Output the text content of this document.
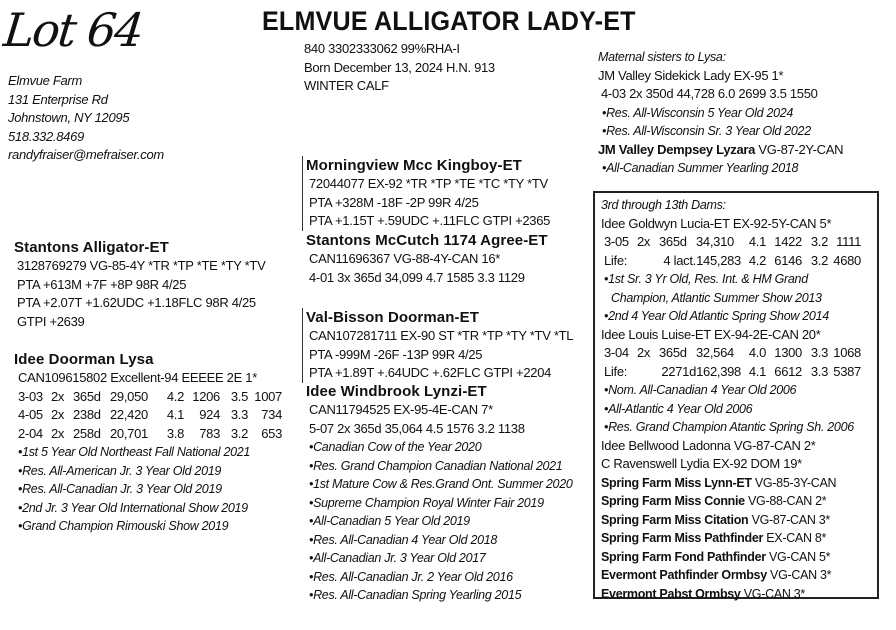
Lot 64	ELMVUE ALLIGATOR LADY-ET
Elmvue Farm
131 Enterprise Rd
Johnstown, NY 12095
518.332.8469
randyfraiser@mefraiser.com
840 3302333062 99%RHA-I
Born December 13, 2024 H.N. 913
WINTER CALF
Maternal sisters to Lysa:
JM Valley Sidekick Lady EX-95 1*
4-03 2x 350d 44,728 6.0 2699 3.5 1550
•Res. All-Wisconsin 5 Year Old 2024
•Res. All-Wisconsin Sr. 3 Year Old 2022
JM Valley Dempsey Lyzara VG-87-2Y-CAN
•All-Canadian Summer Yearling 2018
Morningview Mcc Kingboy-ET
72044077 EX-92 *TR *TP *TE *TC *TY *TV
PTA +328M -18F -2P 99R 4/25
PTA +1.15T +.59UDC +.11FLC GTPI +2365
Stantons McCutch 1174 Agree-ET
CAN11696367 VG-88-4Y-CAN 16*
4-01 3x 365d 34,099 4.7 1585 3.3 1129
Stantons Alligator-ET
3128769279 VG-85-4Y *TR *TP *TE *TY *TV
PTA +613M +7F +8P 98R 4/25
PTA +2.07T +1.62UDC +1.18FLC 98R 4/25
GTPI +2639	Val-Bisson Doorman-ET
CAN107281711 EX-90 ST *TR *TP *TY *TV *TL
PTA -999M -26F -13P 99R 4/25
PTA +1.89T +.64UDC +.62FLC GTPI +2204
Idee Doorman Lysa
CAN109615802 Excellent-94 EEEEE 2E 1*
3-03	2x	365d	29,050	4.2	1206	3.5	1007
4-05	2x	238d	22,420	4.1	924	3.3	734
2-04	2x	258d	20,701	3.8	783	3.2	653
•1st 5 Year Old Northeast Fall National 2021
•Res. All-American Jr. 3 Year Old 2019
•Res. All-Canadian Jr. 3 Year Old 2019
•2nd Jr. 3 Year Old International Show 2019
•Grand Champion Rimouski Show 2019
Idee Windbrook Lynzi-ET
CAN11794525 EX-95-4E-CAN 7*
5-07 2x 365d 35,064 4.5 1576 3.2 1138
•Canadian Cow of the Year 2020
•Res. Grand Champion Canadian National 2021
•1st Mature Cow & Res.Grand Ont. Summer 2020
•Supreme Champion Royal Winter Fair 2019
•All-Canadian 5 Year Old 2019
•Res. All-Canadian 4 Year Old 2018
•All-Canadian Jr. 3 Year Old 2017
•Res. All-Canadian Jr. 2 Year Old 2016
•Res. All-Canadian Spring Yearling 2015
3rd through 13th Dams:
Idee Goldwyn Lucia-ET EX-92-5Y-CAN 5*
3-05	2x	365d	34,310	4.1	1422	3.2	1111
Life:		4 lact.	145,283	4.2	6146	3.2	4680
•1st Sr. 3 Yr Old, Res. Int. & HM Grand
Champion, Atlantic Summer Show 2013
•2nd 4 Year Old Atlantic Spring Show 2014
Idee Louis Luise-ET EX-94-2E-CAN 20*
3-04	2x	365d	32,564	4.0	1300	3.3	1068
Life:		2271d	162,398	4.1	6612	3.3	5387
•Nom. All-Canadian 4 Year Old 2006
•All-Atlantic 4 Year Old 2006
•Res. Grand Champion Atantic Spring Sh. 2006
Idee Bellwood Ladonna VG-87-CAN 2*
C Ravenswell Lydia EX-92 DOM 19*
Spring Farm Miss Lynn-ET VG-85-3Y-CAN
Spring Farm Miss Connie VG-88-CAN 2*
Spring Farm Miss Citation VG-87-CAN 3*
Spring Farm Miss Pathfinder EX-CAN 8*
Spring Farm Fond Pathfinder VG-CAN 5*
Evermont Pathfinder Ormbsy VG-CAN 3*
Evermont Pabst Ormbsy VG-CAN 3*
